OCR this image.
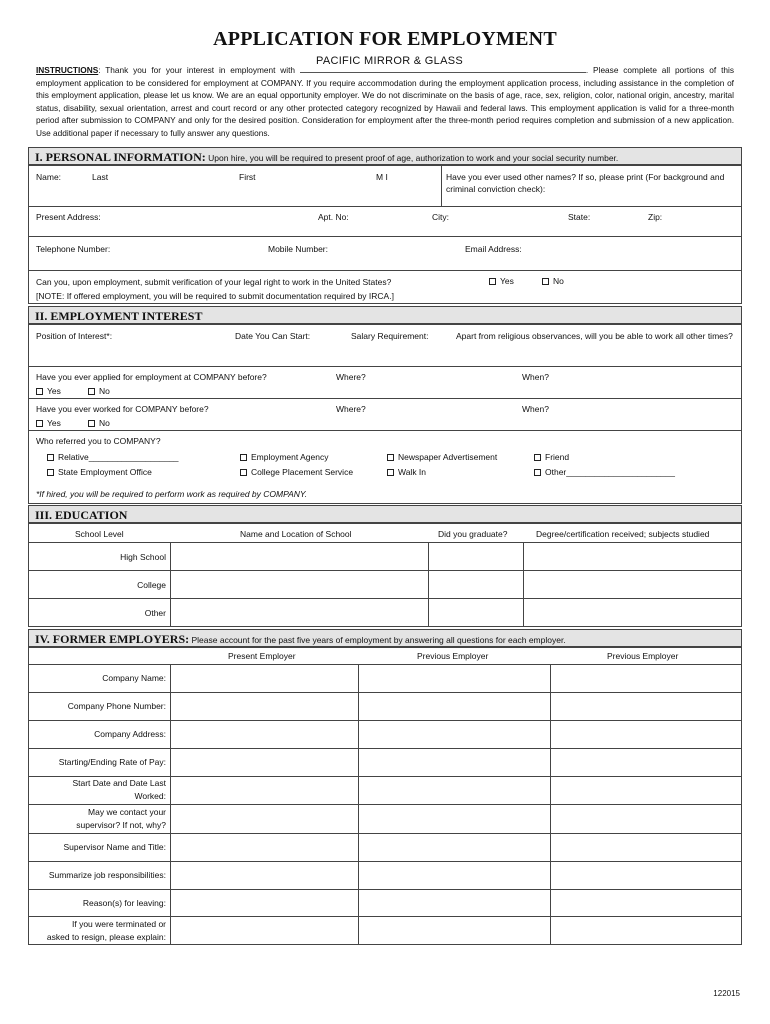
APPLICATION FOR EMPLOYMENT
PACIFIC MIRROR & GLASS
INSTRUCTIONS: Thank you for your interest in employment with	. Please complete all portions of this employment application to be considered for employment at COMPANY. If you require accommodation during the employment application process, including assistance in the completion of this employment application, please let us know. We are an equal opportunity employer. We do not discriminate on the basis of age, race, sex, religion, color, national origin, ancestry, marital status, disability, sexual orientation, arrest and court record or any other protected category recognized by Hawaii and federal laws. This employment application is valid for a three-month period after submission to COMPANY and only for the desired position. Consideration for employment after the three-month period requires completion and submission of a new application. Use additional paper if necessary to fully answer any questions.
I. PERSONAL INFORMATION: Upon hire, you will be required to present proof of age, authorization to work and your social security number.
Name:	Last	First	M I	Have you ever used other names? If so, please print (For background and criminal conviction check):
Present Address:	Apt. No:	City:	State:	Zip:
Telephone Number:	Mobile Number:	Email Address:
Can you, upon employment, submit verification of your legal right to work in the United States?
[NOTE: If offered employment, you will be required to submit documentation required by IRCA.]
Yes	No
II. EMPLOYMENT INTEREST
Position of Interest*:	Date You Can Start:	Salary Requirement:	Apart from religious observances, will you be able to work all other times?
Have you ever applied for employment at COMPANY before?	Where?	When?
Yes	No
Have you ever worked for COMPANY before?	Where?	When?
Yes	No
Who referred you to COMPANY?
Relative___________________
State Employment Office
Employment Agency
College Placement Service
Newspaper Advertisement
Walk In
Friend
Other_______________________
*If hired, you will be required to perform work as required by COMPANY.
III. EDUCATION
School Level	Name and Location of School	Did you graduate?	Degree/certification received; subjects studied
High School
College
Other
IV. FORMER EMPLOYERS: Please account for the past five years of employment by answering all questions for each employer.
Present Employer	Previous Employer	Previous Employer
Company Name:
Company Phone Number:
Company Address:
Starting/Ending Rate of Pay:
Start Date and Date Last
Worked:
May we contact your
supervisor? If not, why?
Supervisor Name and Title:
Summarize job responsibilities:
Reason(s) for leaving:
If you were terminated or
asked to resign, please explain:
122015
